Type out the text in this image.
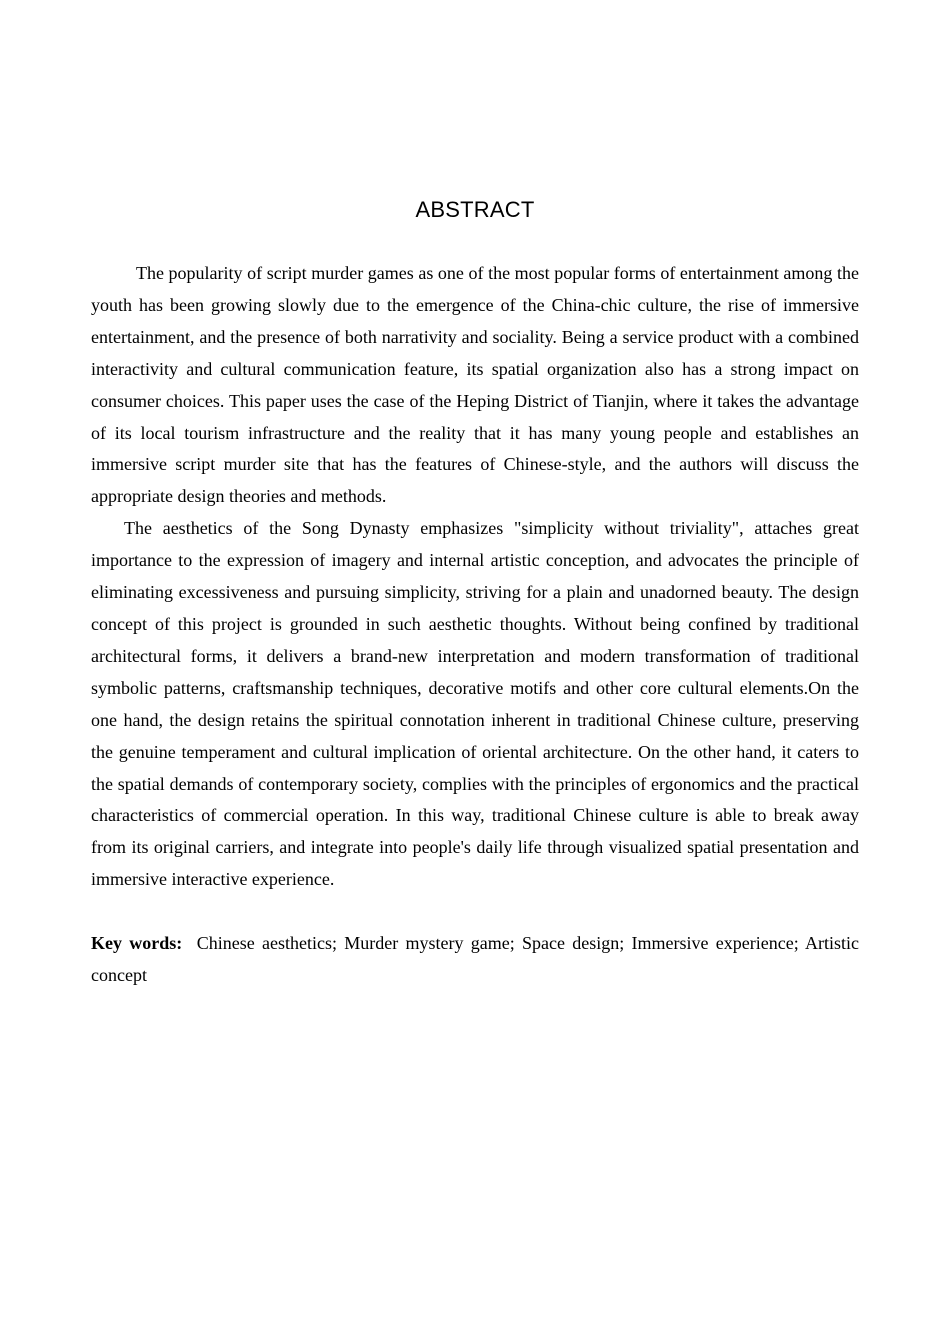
ABSTRACT

The popularity of script murder games as one of the most popular forms of entertainment among the youth has been growing slowly due to the emergence of the China-chic culture, the rise of immersive entertainment, and the presence of both narrativity and sociality. Being a service product with a combined interactivity and cultural communication feature, its spatial organization also has a strong impact on consumer choices. This paper uses the case of the Heping District of Tianjin, where it takes the advantage of its local tourism infrastructure and the reality that it has many young people and establishes an immersive script murder site that has the features of Chinese-style, and the authors will discuss the appropriate design theories and methods.

The aesthetics of the Song Dynasty emphasizes "simplicity without triviality", attaches great importance to the expression of imagery and internal artistic conception, and advocates the principle of eliminating excessiveness and pursuing simplicity, striving for a plain and unadorned beauty. The design concept of this project is grounded in such aesthetic thoughts. Without being confined by traditional architectural forms, it delivers a brand-new interpretation and modern transformation of traditional symbolic patterns, craftsmanship techniques, decorative motifs and other core cultural elements.On the one hand, the design retains the spiritual connotation inherent in traditional Chinese culture, preserving the genuine temperament and cultural implication of oriental architecture. On the other hand, it caters to the spatial demands of contemporary society, complies with the principles of ergonomics and the practical characteristics of commercial operation. In this way, traditional Chinese culture is able to break away from its original carriers, and integrate into people's daily life through visualized spatial presentation and immersive interactive experience.

Key words: Chinese aesthetics; Murder mystery game; Space design; Immersive experience; Artistic concept
